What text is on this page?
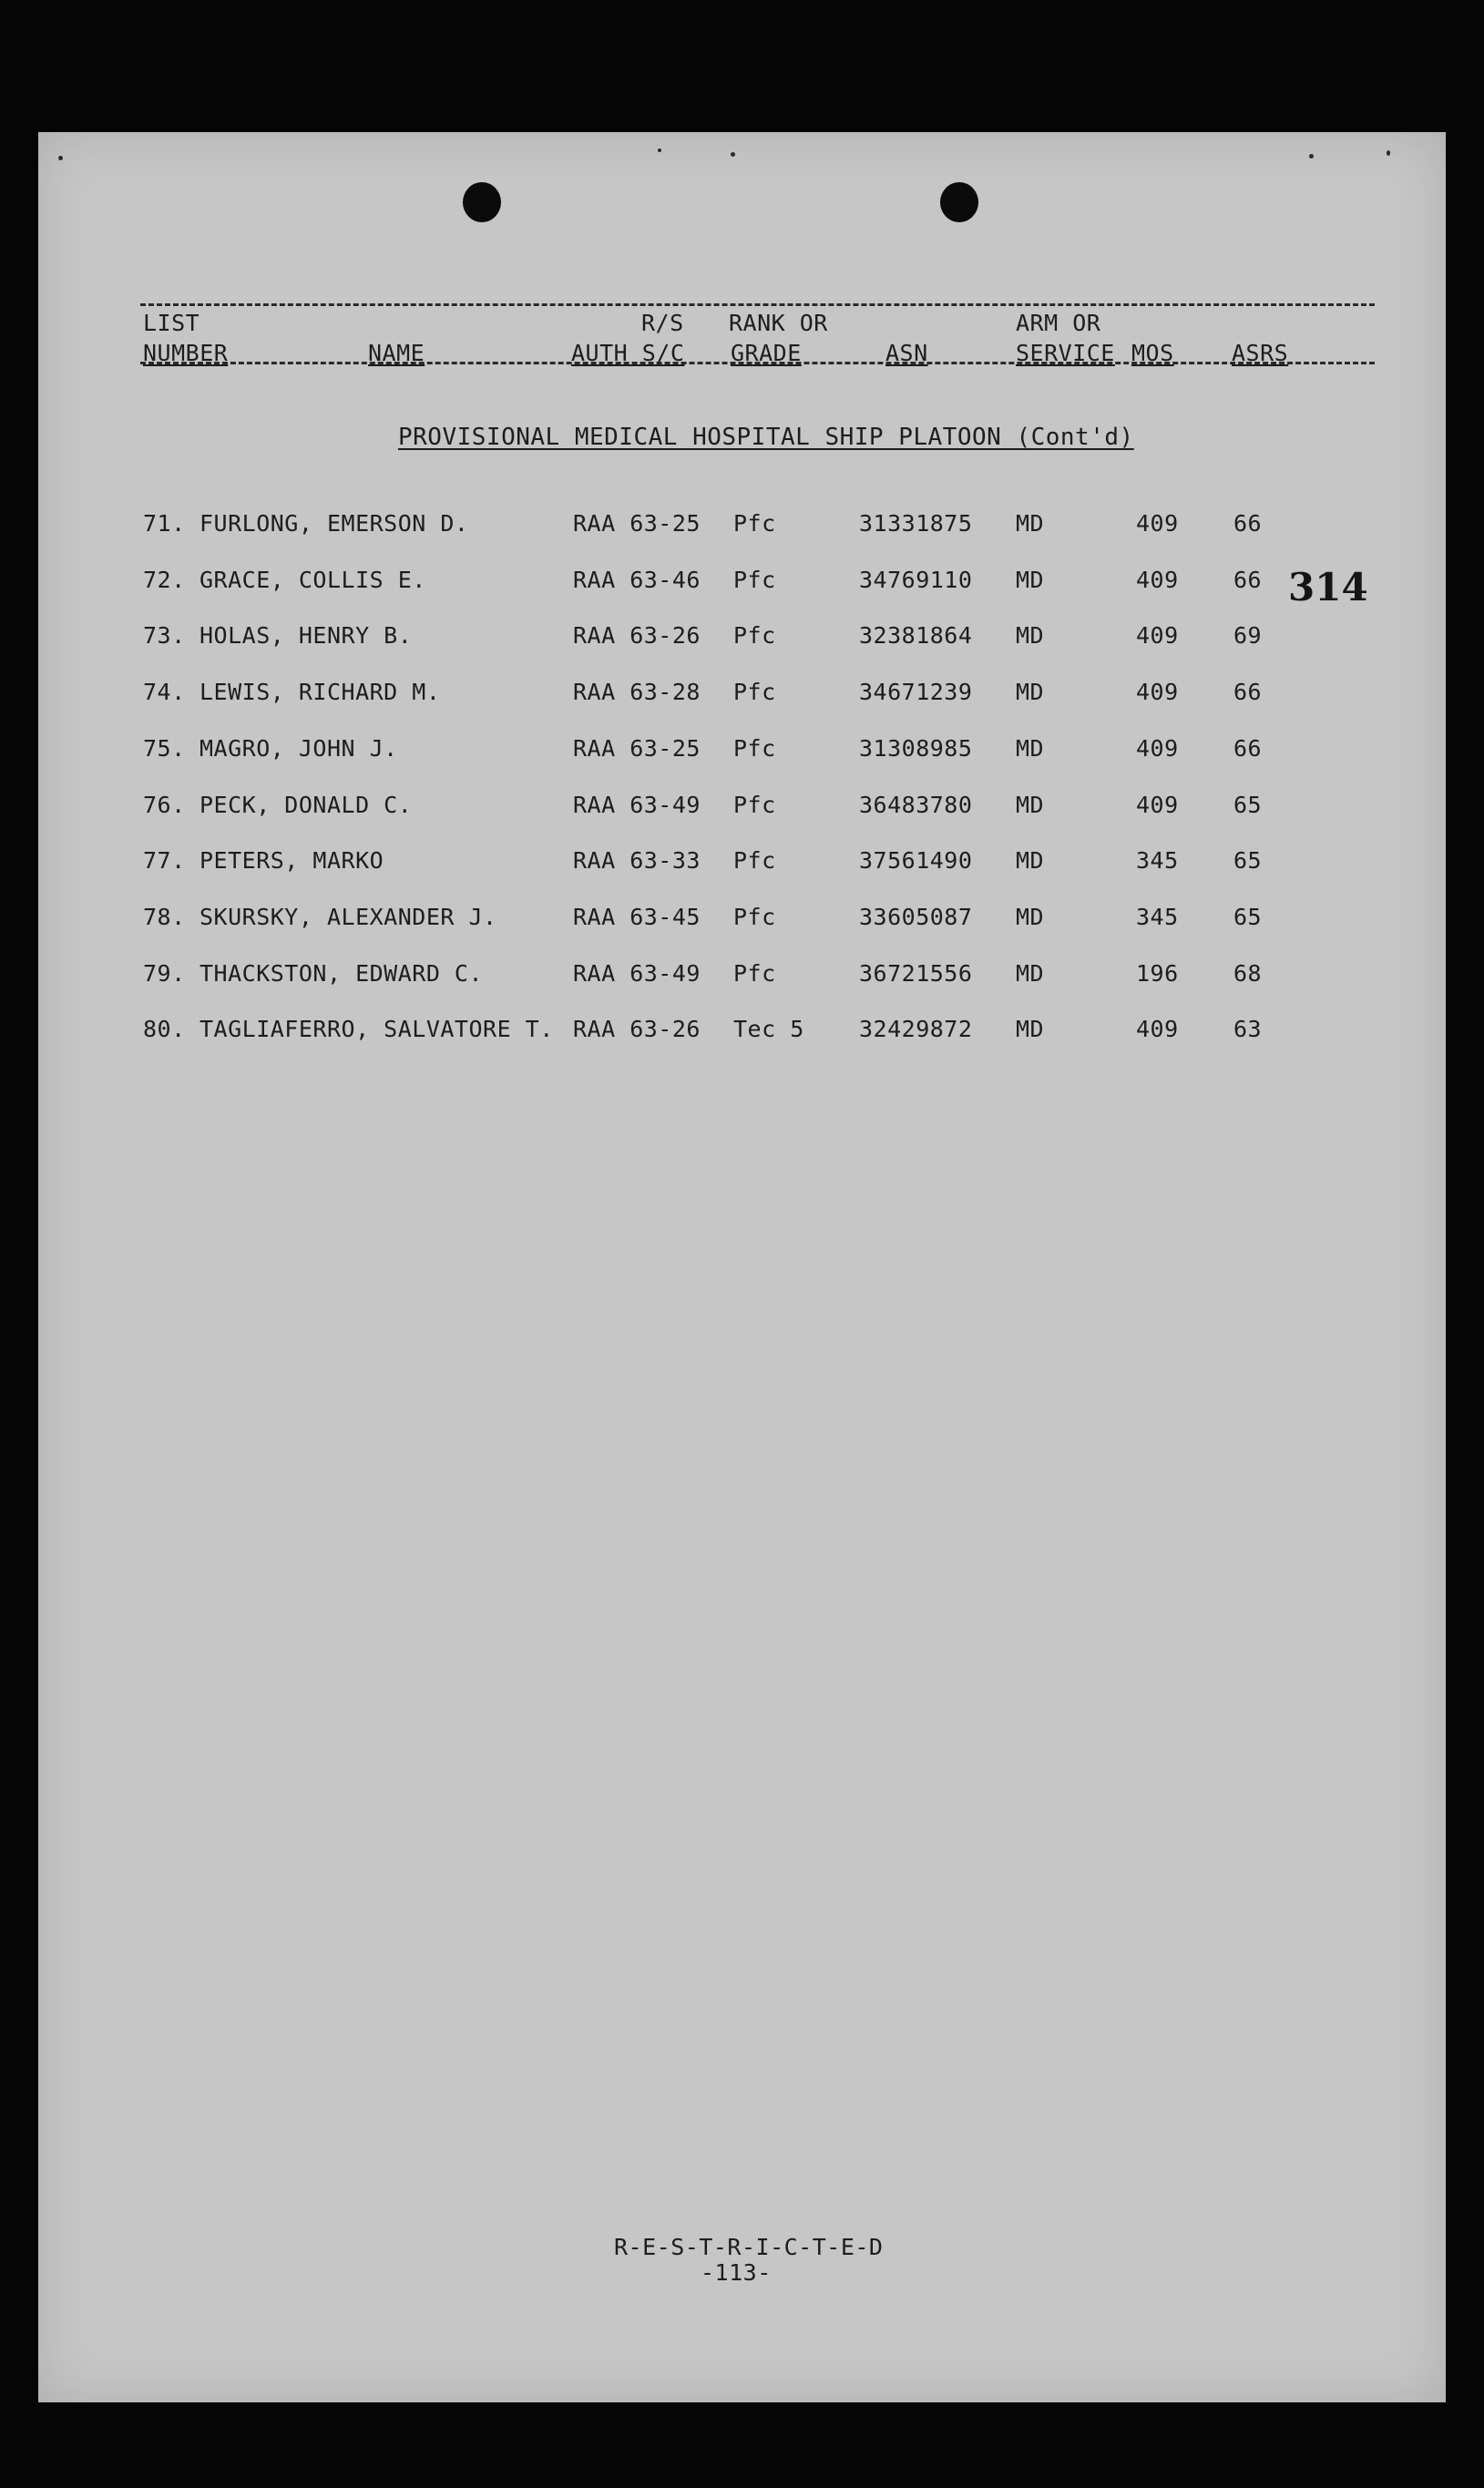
LIST
NUMBER	NAME
R/S
AUTH S/C
RANK OR
GRADE	ASN
ARM OR
SERVICE MOS	ASRS
PROVISIONAL MEDICAL HOSPITAL SHIP PLATOON (Cont'd)
314
71. FURLONG, EMERSON D.	RAA 63-25 Pfc	31331875 MD	409 66
72. GRACE, COLLIS E.	RAA 63-46 Pfc	34769110 MD	409 66
73. HOLAS, HENRY B.	RAA 63-26 Pfc	32381864 MD	409 69
74. LEWIS, RICHARD M.	RAA 63-28 Pfc	34671239 MD	409 66
75. MAGRO, JOHN J.	RAA 63-25 Pfc	31308985 MD	409 66
76. PECK, DONALD C.	RAA 63-49 Pfc	36483780 MD	409 65
77. PETERS, MARKO	RAA 63-33 Pfc	37561490 MD	345 65
78. SKURSKY, ALEXANDER J.	RAA 63-45 Pfc	33605087 MD	345 65
79. THACKSTON, EDWARD C.	RAA 63-49 Pfc	36721556 MD	196 68
80. TAGLIAFERRO, SALVATORE T. RAA 63-26 Tec 5 32429872 MD	409 63
R-E-S-T-R-I-C-T-E-D
-113-
